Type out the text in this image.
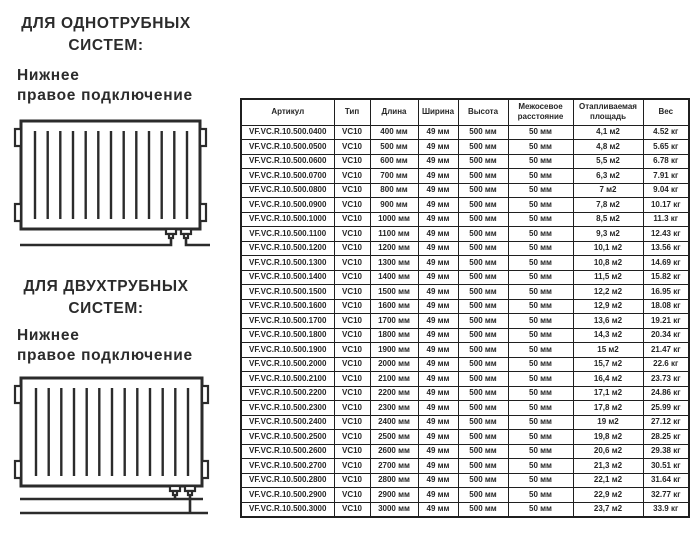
ДЛЯ ОДНОТРУБНЫХ
СИСТЕМ:
Нижнее
правое подключение
ДЛЯ ДВУХТРУБНЫХ
СИСТЕМ:
Нижнее
правое подключение
Артикул	Тип	Длина	Ширина	Высота	Межосевое расстояние	Отапливаемая площадь	Вес
VF.VC.R.10.500.0400	VC10	400 мм	49 мм	500 мм	50 мм	4,1 м2	4.52 кг
VF.VC.R.10.500.0500	VC10	500 мм	49 мм	500 мм	50 мм	4,8 м2	5.65 кг
VF.VC.R.10.500.0600	VC10	600 мм	49 мм	500 мм	50 мм	5,5 м2	6.78 кг
VF.VC.R.10.500.0700	VC10	700 мм	49 мм	500 мм	50 мм	6,3 м2	7.91 кг
VF.VC.R.10.500.0800	VC10	800 мм	49 мм	500 мм	50 мм	7 м2	9.04 кг
VF.VC.R.10.500.0900	VC10	900 мм	49 мм	500 мм	50 мм	7,8 м2	10.17 кг
VF.VC.R.10.500.1000	VC10	1000 мм	49 мм	500 мм	50 мм	8,5 м2	11.3 кг
VF.VC.R.10.500.1100	VC10	1100 мм	49 мм	500 мм	50 мм	9,3 м2	12.43 кг
VF.VC.R.10.500.1200	VC10	1200 мм	49 мм	500 мм	50 мм	10,1 м2	13.56 кг
VF.VC.R.10.500.1300	VC10	1300 мм	49 мм	500 мм	50 мм	10,8 м2	14.69 кг
VF.VC.R.10.500.1400	VC10	1400 мм	49 мм	500 мм	50 мм	11,5 м2	15.82 кг
VF.VC.R.10.500.1500	VC10	1500 мм	49 мм	500 мм	50 мм	12,2 м2	16.95 кг
VF.VC.R.10.500.1600	VC10	1600 мм	49 мм	500 мм	50 мм	12,9 м2	18.08 кг
VF.VC.R.10.500.1700	VC10	1700 мм	49 мм	500 мм	50 мм	13,6 м2	19.21 кг
VF.VC.R.10.500.1800	VC10	1800 мм	49 мм	500 мм	50 мм	14,3 м2	20.34 кг
VF.VC.R.10.500.1900	VC10	1900 мм	49 мм	500 мм	50 мм	15 м2	21.47 кг
VF.VC.R.10.500.2000	VC10	2000 мм	49 мм	500 мм	50 мм	15,7 м2	22.6 кг
VF.VC.R.10.500.2100	VC10	2100 мм	49 мм	500 мм	50 мм	16,4 м2	23.73 кг
VF.VC.R.10.500.2200	VC10	2200 мм	49 мм	500 мм	50 мм	17,1 м2	24.86 кг
VF.VC.R.10.500.2300	VC10	2300 мм	49 мм	500 мм	50 мм	17,8 м2	25.99 кг
VF.VC.R.10.500.2400	VC10	2400 мм	49 мм	500 мм	50 мм	19 м2	27.12 кг
VF.VC.R.10.500.2500	VC10	2500 мм	49 мм	500 мм	50 мм	19,8 м2	28.25 кг
VF.VC.R.10.500.2600	VC10	2600 мм	49 мм	500 мм	50 мм	20,6 м2	29.38 кг
VF.VC.R.10.500.2700	VC10	2700 мм	49 мм	500 мм	50 мм	21,3 м2	30.51 кг
VF.VC.R.10.500.2800	VC10	2800 мм	49 мм	500 мм	50 мм	22,1 м2	31.64 кг
VF.VC.R.10.500.2900	VC10	2900 мм	49 мм	500 мм	50 мм	22,9 м2	32.77 кг
VF.VC.R.10.500.3000	VC10	3000 мм	49 мм	500 мм	50 мм	23,7 м2	33.9 кг
